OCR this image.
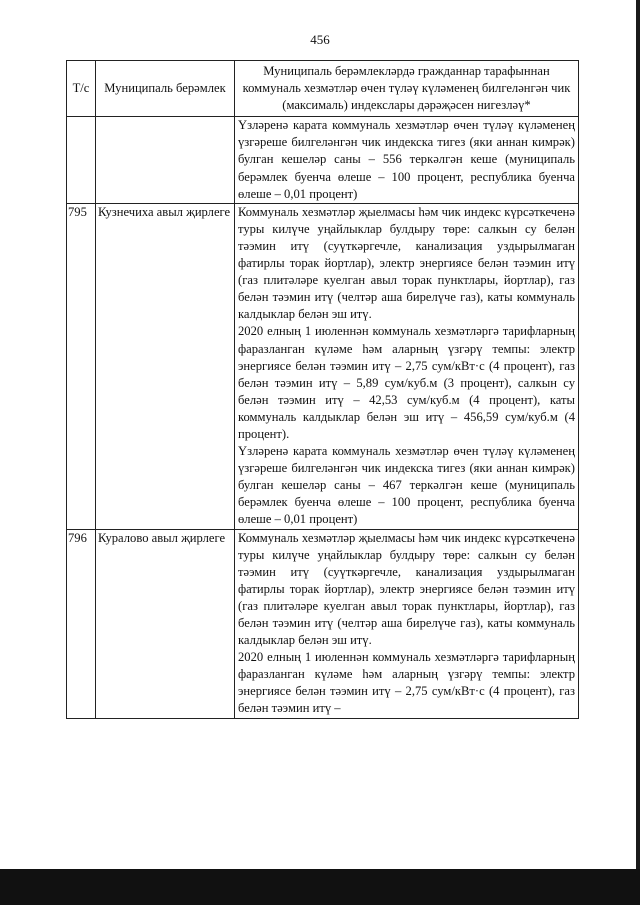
456
Т/с	Муниципаль берәмлек	Муниципаль берәмлекләрдә гражданнар тарафыннан коммуналь хезмәтләр өчен түләү күләменең билгеләнгән чик (максималь) индекслары дәрәҗәсен нигезләү*

		Үзләренә карата коммуналь хезмәтләр өчен түләү күләменең үзгәреше билгеләнгән чик индекска тигез (яки аннан кимрәк) булган кешеләр саны – 556 теркәлгән кеше (муниципаль берәмлек буенча өлеше – 100 процент, республика буенча өлеше – 0,01 процент)

795	Кузнечиха авыл җирлеге	Коммуналь хезмәтләр җыелмасы һәм чик индекс күрсәткеченә туры килүче уңайлыклар булдыру төре: салкын су белән тәэмин итү (суүткәргечле, канализация уздырылмаган фатирлы торак йортлар), электр энергиясе белән тәэмин итү (газ плитәләре куелган авыл торак пунктлары, йортлар), газ белән тәэмин итү (челтәр аша бирелүче газ), каты коммуналь калдыклар белән эш итү.

2020 елның 1 июленнән коммуналь хезмәтләргә тарифларның фаразланган күләме һәм аларның үзгәрү темпы: электр энергиясе белән тәэмин итү – 2,75 сум/кВт·с (4 процент), газ белән тәэмин итү – 5,89 сум/куб.м (3 процент), салкын су белән тәэмин итү – 42,53 сум/куб.м (4 процент), каты коммуналь калдыклар белән эш итү – 456,59 сум/куб.м (4 процент).

Үзләренә карата коммуналь хезмәтләр өчен түләү күләменең үзгәреше билгеләнгән чик индекска тигез (яки аннан кимрәк) булган кешеләр саны – 467 теркәлгән кеше (муниципаль берәмлек буенча өлеше – 100 процент, республика буенча өлеше – 0,01 процент)

796	Куралово авыл җирлеге	Коммуналь хезмәтләр җыелмасы һәм чик индекс күрсәткеченә туры килүче уңайлыклар булдыру төре: салкын су белән тәэмин итү (суүткәргечле, канализация уздырылмаган фатирлы торак йортлар), электр энергиясе белән тәэмин итү (газ плитәләре куелган авыл торак пунктлары, йортлар), газ белән тәэмин итү (челтәр аша бирелүче газ), каты коммуналь калдыклар белән эш итү.

2020 елның 1 июленнән коммуналь хезмәтләргә тарифларның фаразланган күләме һәм аларның үзгәрү темпы: электр энергиясе белән тәэмин итү – 2,75 сум/кВт·с (4 процент), газ белән тәэмин итү –
